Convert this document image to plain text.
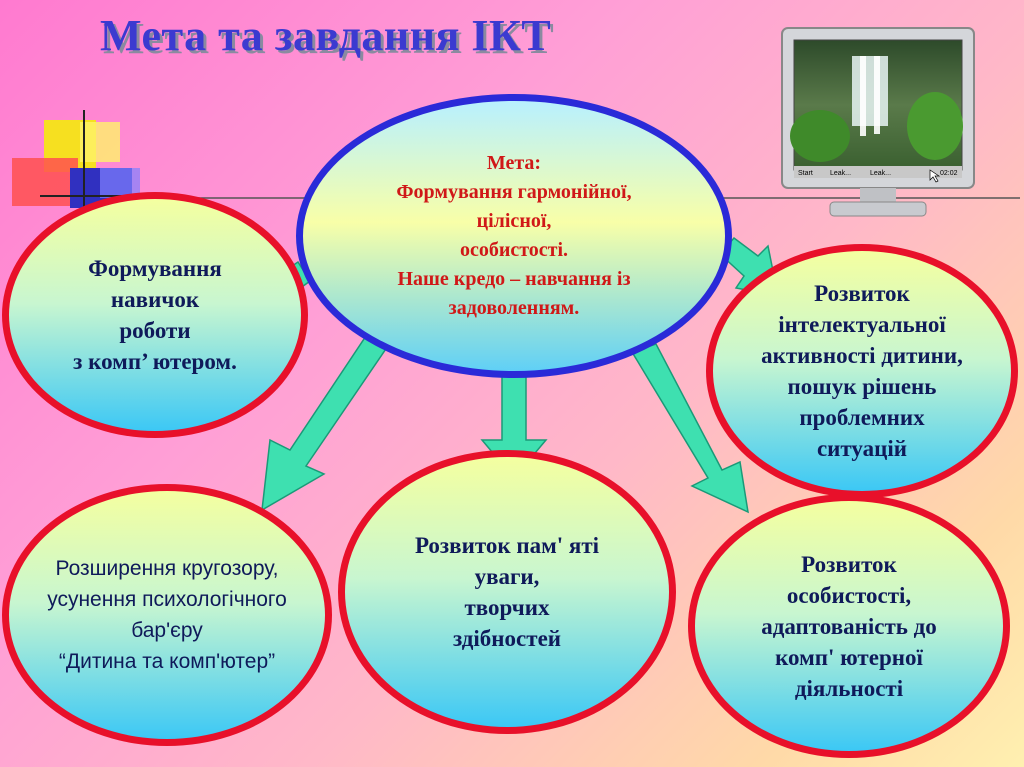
Мета та завдання ІКТ
Start Leak...	Leak...	02:02
Мета:
Формування гармонійної,
цілісної,
особистості.
Наше кредо – навчання із
задоволенням.
Формування
навичок
роботи
з комп’ ютером.
Розвиток
інтелектуальної
активності дитини,
пошук рішень
проблемних
ситуацій
Розширення кругозору,
усунення психологічного
бар'єру
“Дитина та комп'ютер”
Розвиток пам' яті
уваги,
творчих
здібностей
Розвиток
особистості,
адаптованість до
комп' ютерної
діяльності
